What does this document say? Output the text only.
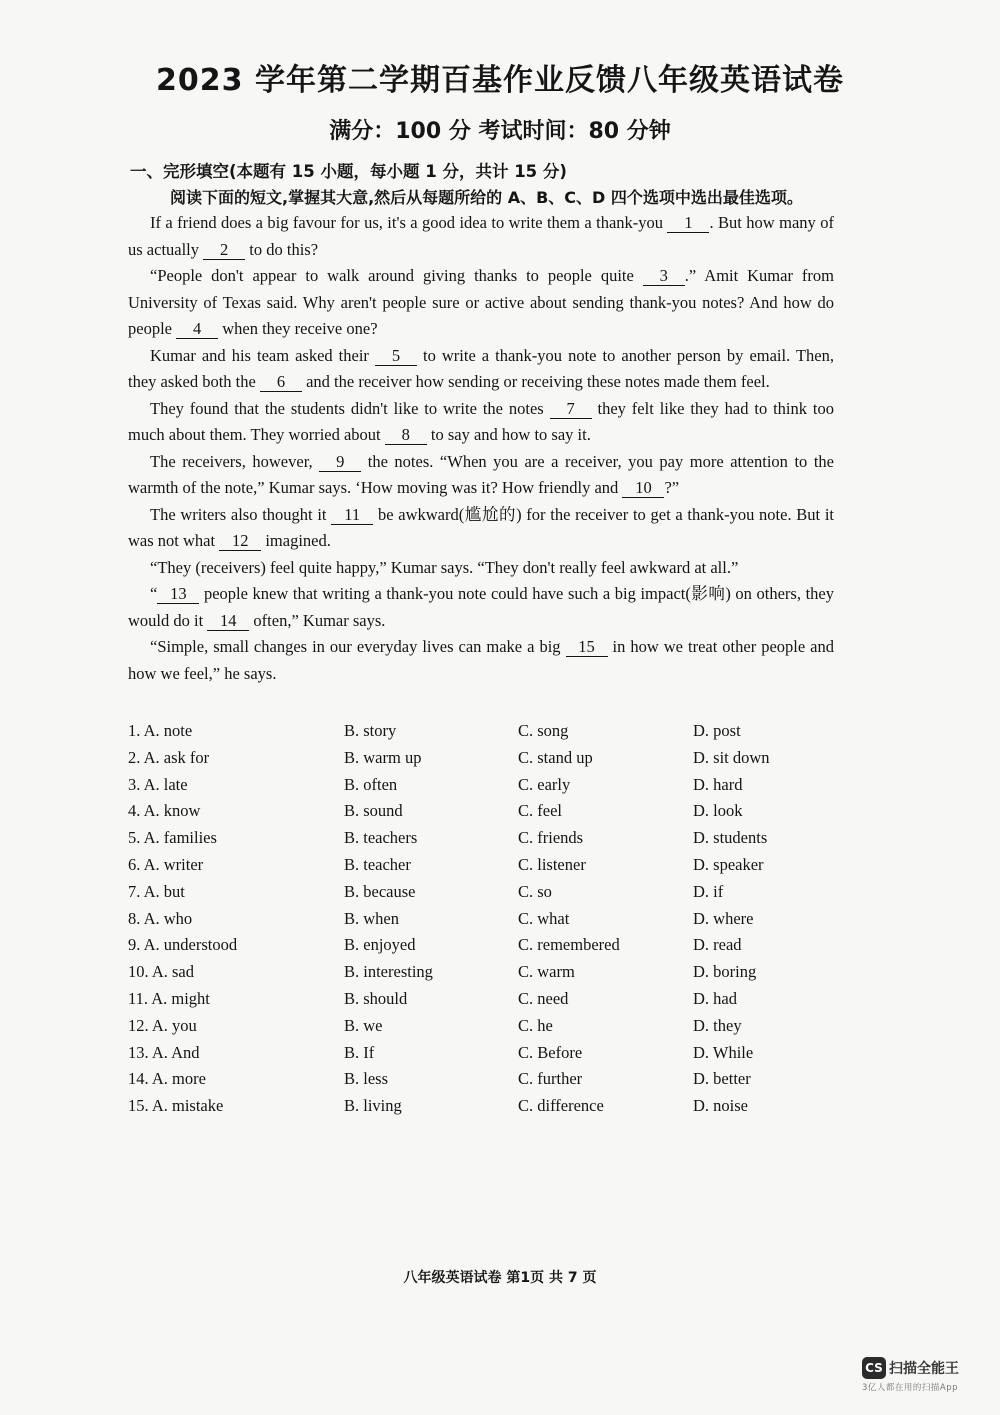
2023 学年第二学期百基作业反馈八年级英语试卷
满分：100 分 考试时间：80 分钟
一、完形填空(本题有 15 小题，每小题 1 分，共计 15 分)
阅读下面的短文,掌握其大意,然后从每题所给的 A、B、C、D 四个选项中选出最佳选项。

If a friend does a big favour for us, it's a good idea to write them a thank-you 1 . But how many of us actually 2 to do this?

“People don't appear to walk around giving thanks to people quite 3 .” Amit Kumar from University of Texas said. Why aren't people sure or active about sending thank-you notes? And how do people 4 when they receive one?

Kumar and his team asked their 5 to write a thank-you note to another person by email. Then, they asked both the 6 and the receiver how sending or receiving these notes made them feel.

They found that the students didn't like to write the notes 7 they felt like they had to think too much about them. They worried about 8 to say and how to say it.

The receivers, however, 9 the notes. “When you are a receiver, you pay more attention to the warmth of the note,” Kumar says. ‘How moving was it? How friendly and 10 ?”

The writers also thought it 11 be awkward(尴尬的) for the receiver to get a thank-you note. But it was not what 12 imagined.

“They (receivers) feel quite happy,” Kumar says. “They don't really feel awkward at all.”

“ 13 people knew that writing a thank-you note could have such a big impact(影响) on others, they would do it 14 often,” Kumar says.

“Simple, small changes in our everyday lives can make a big 15 in how we treat other people and how we feel,” he says.

1. A. note	B. story	C. song	D. post
2. A. ask for	B. warm up	C. stand up	D. sit down
3. A. late	B. often	C. early	D. hard
4. A. know	B. sound	C. feel	D. look
5. A. families	B. teachers	C. friends	D. students
6. A. writer	B. teacher	C. listener	D. speaker
7. A. but	B. because	C. so	D. if
8. A. who	B. when	C. what	D. where
9. A. understood	B. enjoyed	C. remembered	D. read
10. A. sad	B. interesting	C. warm	D. boring
11. A. might	B. should	C. need	D. had
12. A. you	B. we	C. he	D. they
13. A. And	B. If	C. Before	D. While
14. A. more	B. less	C. further	D. better
15. A. mistake	B. living	C. difference	D. noise
八年级英语试卷 第1页 共 7 页
CS 扫描全能王
3亿人都在用的扫描App
